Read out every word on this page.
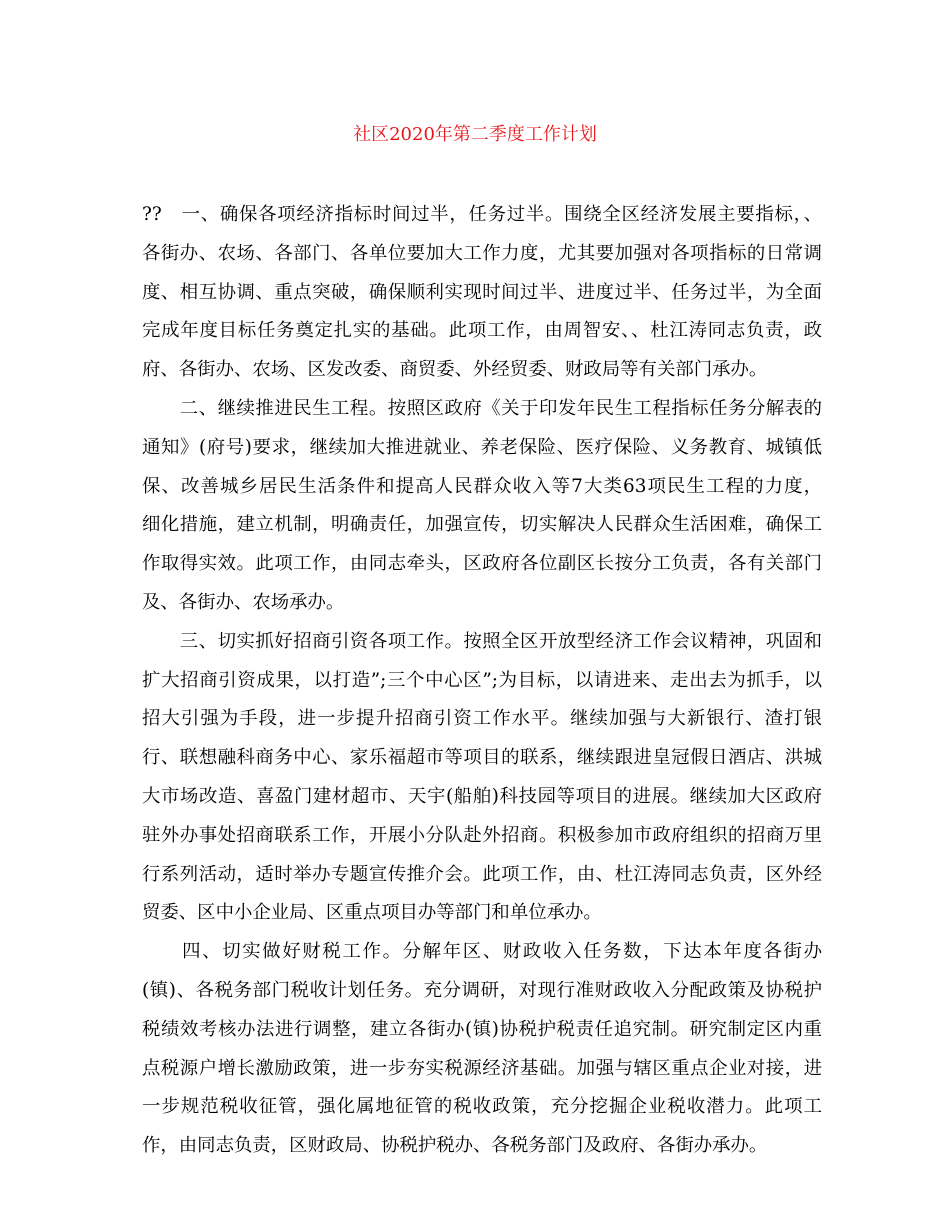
社区2020年第二季度工作计划
??　一、确保各项经济指标时间过半，任务过半。围绕全区经济发展主要指标，、
各街办、农场、各部门、各单位要加大工作力度，尤其要加强对各项指标的日常调
度、相互协调、重点突破，确保顺利实现时间过半、进度过半、任务过半，为全面
完成年度目标任务奠定扎实的基础。此项工作，由周智安、、杜江涛同志负责，政
府、各街办、农场、区发改委、商贸委、外经贸委、财政局等有关部门承办。
　　二、继续推进民生工程。按照区政府《关于印发年民生工程指标任务分解表的
通知》(府号)要求，继续加大推进就业、养老保险、医疗保险、义务教育、城镇低
保、改善城乡居民生活条件和提高人民群众收入等7大类63项民生工程的力度，
细化措施，建立机制，明确责任，加强宣传，切实解决人民群众生活困难，确保工
作取得实效。此项工作，由同志牵头，区政府各位副区长按分工负责，各有关部门
及、各街办、农场承办。
　　三、切实抓好招商引资各项工作。按照全区开放型经济工作会议精神，巩固和
扩大招商引资成果，以打造”;三个中心区”;为目标，以请进来、走出去为抓手，以
招大引强为手段，进一步提升招商引资工作水平。继续加强与大新银行、渣打银
行、联想融科商务中心、家乐福超市等项目的联系，继续跟进皇冠假日酒店、洪城
大市场改造、喜盈门建材超市、天宇(船舶)科技园等项目的进展。继续加大区政府
驻外办事处招商联系工作，开展小分队赴外招商。积极参加市政府组织的招商万里
行系列活动，适时举办专题宣传推介会。此项工作，由、杜江涛同志负责，区外经
贸委、区中小企业局、区重点项目办等部门和单位承办。
　　四、切实做好财税工作。分解年区、财政收入任务数，下达本年度各街办
(镇)、各税务部门税收计划任务。充分调研，对现行准财政收入分配政策及协税护
税绩效考核办法进行调整，建立各街办(镇)协税护税责任追究制。研究制定区内重
点税源户增长激励政策，进一步夯实税源经济基础。加强与辖区重点企业对接，进
一步规范税收征管，强化属地征管的税收政策，充分挖掘企业税收潜力。此项工
作，由同志负责，区财政局、协税护税办、各税务部门及政府、各街办承办。
